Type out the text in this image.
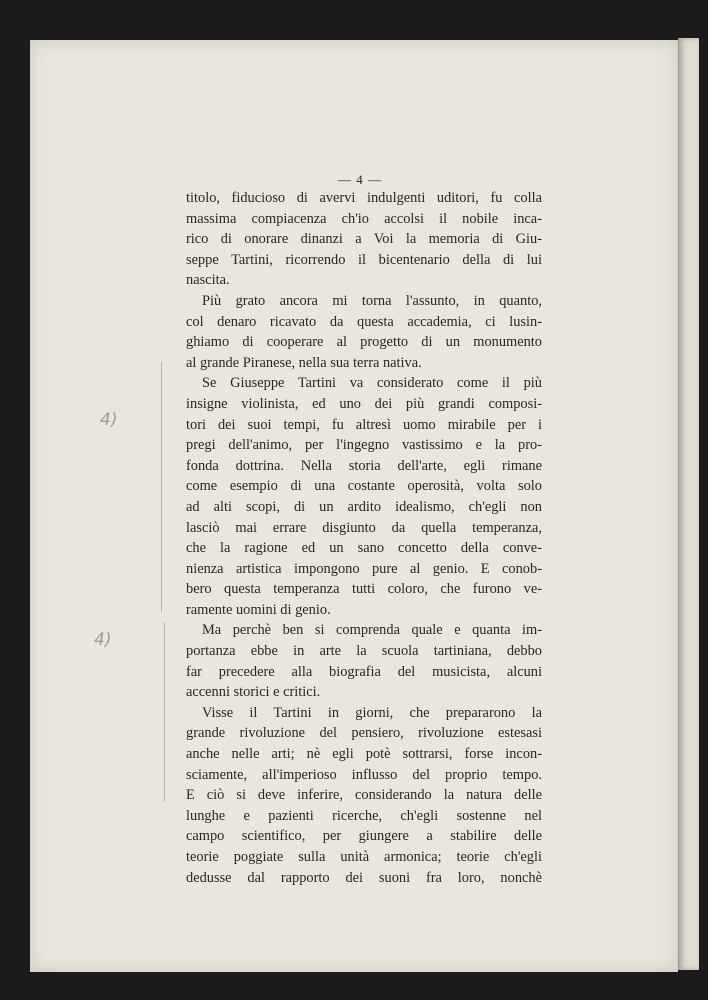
4)
4)
— 4 —
titolo, fiducioso di avervi indulgenti uditori, fu colla
massima compiacenza ch'io accolsi il nobile inca-
rico di onorare dinanzi a Voi la memoria di Giu-
seppe Tartini, ricorrendo il bicentenario della di lui
nascita.
Più grato ancora mi torna l'assunto, in quanto,
col denaro ricavato da questa accademia, ci lusin-
ghiamo di cooperare al progetto di un monumento
al grande Piranese, nella sua terra nativa.
Se Giuseppe Tartini va considerato come il più
insigne violinista, ed uno dei più grandi composi-
tori dei suoi tempi, fu altresì uomo mirabile per i
pregi dell'animo, per l'ingegno vastissimo e la pro-
fonda dottrina. Nella storia dell'arte, egli rimane
come esempio di una costante operosità, volta solo
ad alti scopi, di un ardito idealismo, ch'egli non
lasciò mai errare disgiunto da quella temperanza,
che la ragione ed un sano concetto della conve-
nienza artistica impongono pure al genio. E conob-
bero questa temperanza tutti coloro, che furono ve-
ramente uomini di genio.
Ma perchè ben si comprenda quale e quanta im-
portanza ebbe in arte la scuola tartiniana, debbo
far precedere alla biografia del musicista, alcuni
accenni storici e critici.
Visse il Tartini in giorni, che prepararono la
grande rivoluzione del pensiero, rivoluzione estesasi
anche nelle arti; nè egli potè sottrarsi, forse incon-
sciamente, all'imperioso influsso del proprio tempo.
E ciò si deve inferire, considerando la natura delle
lunghe e pazienti ricerche, ch'egli sostenne nel
campo scientifico, per giungere a stabilire delle
teorie poggiate sulla unità armonica; teorie ch'egli
dedusse dal rapporto dei suoni fra loro, nonchè
